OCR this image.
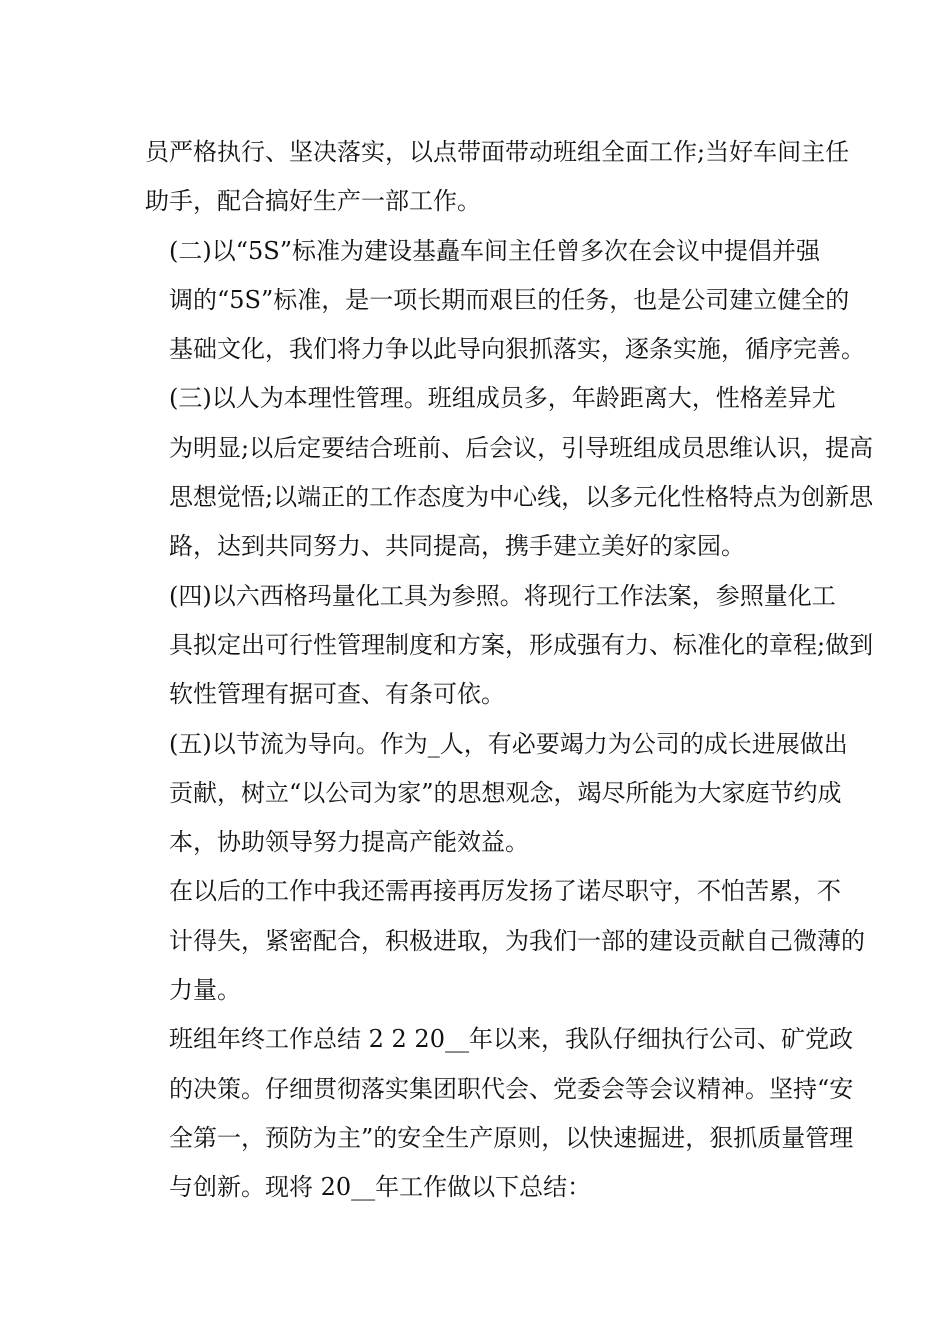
员严格执行、坚决落实，以点带面带动班组全面工作;当好车间主任
助手，配合搞好生产一部工作。

(二)以“5S”标准为建设基矗车间主任曾多次在会议中提倡并强
调的“5S”标准，是一项长期而艰巨的任务，也是公司建立健全的
基础文化，我们将力争以此导向狠抓落实，逐条实施，循序完善。

(三)以人为本理性管理。班组成员多，年龄距离大，性格差异尤
为明显;以后定要结合班前、后会议，引导班组成员思维认识，提高
思想觉悟;以端正的工作态度为中心线，以多元化性格特点为创新思
路，达到共同努力、共同提高，携手建立美好的家园。

(四)以六西格玛量化工具为参照。将现行工作法案，参照量化工
具拟定出可行性管理制度和方案，形成强有力、标准化的章程;做到
软性管理有据可查、有条可依。

(五)以节流为导向。作为_人，有必要竭力为公司的成长进展做出
贡献，树立“以公司为家”的思想观念，竭尽所能为大家庭节约成
本，协助领导努力提高产能效益。

在以后的工作中我还需再接再厉发扬了诺尽职守，不怕苦累，不
计得失，紧密配合，积极进取，为我们一部的建设贡献自己微薄的
力量。

班组年终工作总结 2 2 20__年以来，我队仔细执行公司、矿党政
的决策。仔细贯彻落实集团职代会、党委会等会议精神。坚持“安
全第一，预防为主”的安全生产原则，以快速掘进，狠抓质量管理
与创新。现将 20__年工作做以下总结：
